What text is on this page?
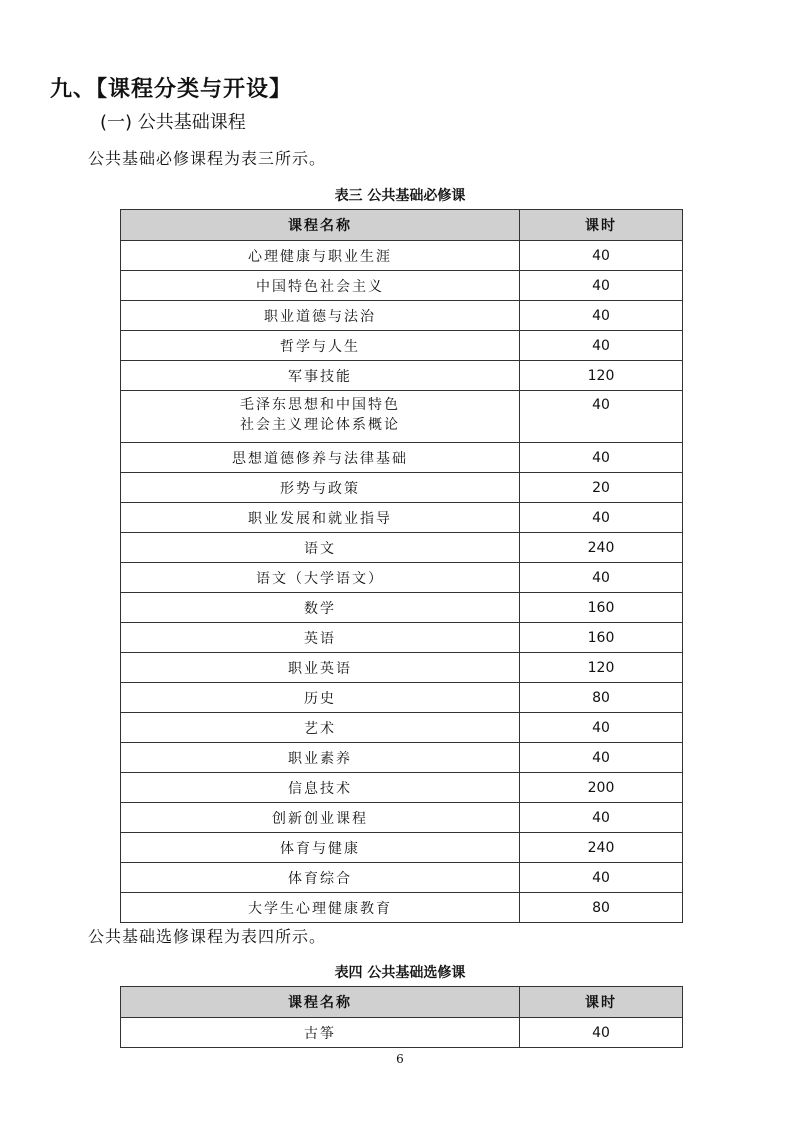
九、【课程分类与开设】
(一) 公共基础课程
公共基础必修课程为表三所示。
表三 公共基础必修课
课程名称	课时
心理健康与职业生涯	40
中国特色社会主义	40
职业道德与法治	40
哲学与人生	40
军事技能	120

毛泽东思想和中国特色
社会主义理论体系概论	40
思想道德修养与法律基础	40
形势与政策	20
职业发展和就业指导	40
语文	240
语文（大学语文）	40
数学	160
英语	160
职业英语	120
历史	80
艺术	40
职业素养	40
信息技术	200
创新创业课程	40
体育与健康	240
体育综合	40
大学生心理健康教育	80
公共基础选修课程为表四所示。
表四 公共基础选修课
课程名称	课时
古筝	40
6
